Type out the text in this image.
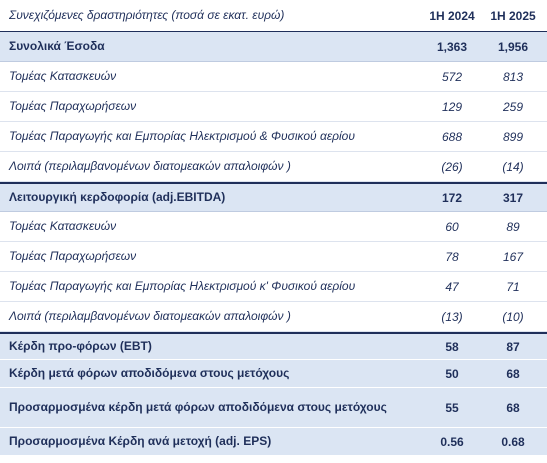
Συνεχιζόμενες δραστηριότητες (ποσά σε εκατ. ευρώ)	1H 2024	1H 2025
Συνολικά Έσοδα	1,363	1,956
Τομέας Κατασκευών	572	813
Τομέας Παραχωρήσεων	129	259
Τομέας Παραγωγής και Εμπορίας Ηλεκτρισμού & Φυσικού αερίου	688	899
Λοιπά (περιλαμβανομένων διατομεακών απαλοιφών )	(26)	(14)
Λειτουργική κερδοφορία (adj.EBITDA)	172	317
Τομέας Κατασκευών	60	89
Τομέας Παραχωρήσεων	78	167
Τομέας Παραγωγής και Εμπορίας Ηλεκτρισμού κ' Φυσικού αερίου	47	71
Λοιπά (περιλαμβανομένων διατομεακών απαλοιφών )	(13)	(10)
Κέρδη προ-φόρων (EBT)	58	87
Κέρδη μετά φόρων αποδιδόμενα στους μετόχους	50	68
Προσαρμοσμένα κέρδη μετά φόρων αποδιδόμενα στους μετόχους	55	68
Προσαρμοσμένα Κέρδη ανά μετοχή (adj. EPS)	0.56	0.68
